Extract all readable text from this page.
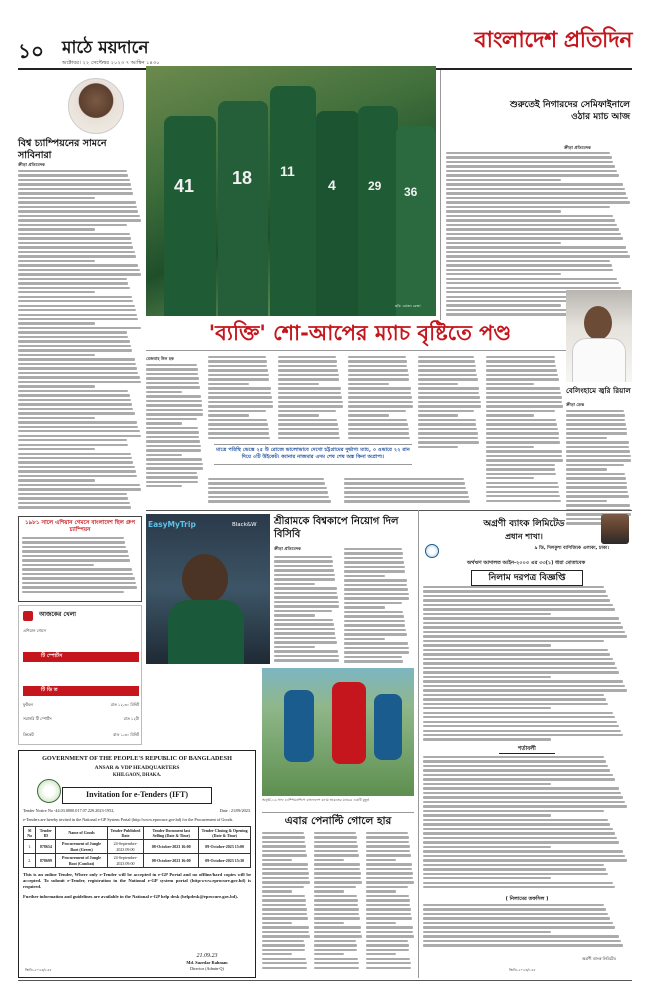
১০ মাঠে ময়দানে
অক্টোবর। ২২ সেপ্টেম্বর ২০২৩ ৭ আশ্বিন ১৪৩০
বাংলাদেশ প্রতিদিন
বিশ্ব চ্যাম্পিয়নের সামনে সাবিনারা
ক্রীড়া প্রতিবেদক
১৯৮১ সালে এশিয়ান গেমসে বাংলাদেশ ছিল গ্রুপ চ্যাম্পিয়ন
আজকের খেলা
এশিয়ান গেমস
টি স্পোর্টস
টি ডি ত
ফুটবল	রাত ১২-৩০ মিনিট
সরাসরি টি স্পোর্টস	রাত ১২টা
ক্রিকেট	রাত ১-৩০ মিনিট
41 18 11
4	29 36
ছবি: রোকন রেজা
'ব্যক্তি' শো-আপের ম্যাচ বৃষ্টিতে পণ্ড
মেজবাহ উল হক
মাত্রে পরিস্থি ভেস্তে ২৫ উ রোজে ভালোভাবে দেখো চট্টগ্রামের দুর্ভাগ্য ম্যাচ, ৩ ওভারে ২২ রান দিয়ে ৩টি উইকেট। ক্যানার নাজমার এদম শেষ শেষ অঙ্ক কিনা অপ্রাপ্য।
শুরুতেই নিগারদের সেমিফাইনালে ওঠার ম্যাচ আজ
ক্রীড়া প্রতিবেদক
বেলিংহামে জ্বরি রিয়াল
ক্রীড়া ডেস্ক
EasyMyTrip	Black&W শ্রীরামকে বিশ্বকাপে নিয়োগ দিল বিসিবি
ক্রীড়া প্রতিবেদক
অনূর্ধ্ব-১৬ সাফ চ্যাম্পিয়নশিপে বাংলাদেশ বনাম ভারতের ম্যাচের একটি মুহূর্ত
এবার পেনাল্টি গোলে হার
GOVERNMENT OF THE PEOPLE'S REPUBLIC OF BANGLADESH
ANSAR & VDP HEADQUARTERS
KHILGAON, DHAKA.
Invitation for e-Tenders (IFT)
Tender Notice No -44.03.0000.017.07.229.2023-1952,	Date : 21/09/2023.
e-Tenders are hereby invited in the National e-GP System Portal (http://www.eprocure.gov.bd) for the Procurement of Goods.
Sl No	Tender ID	Name of Goods	Tender Published Date	Tender Document last Selling (Date & Time)	Tender Closing & Opening (Date & Time)
1.	878654	Procurement of Jungle Boot (Green)	24-September-2023 09:00	08-October-2023 16:00	09-October-2023 15:00
2.	878699	Procurement of Jungle Boot (Combat)	24-September-2023 09:00	08-October-2023 16:00	09-October-2023 15:30
This is an online Tender, Where only e-Tender will be accepted in e-GP Portal and no offline/hard copies will be accepted. To submit e-Tender, registration in the National e-GP system portal (http:www.eprocure.gov.bd) is required.
Further information and guidelines are available in the National e-GP help desk (helpdesk@eprocure.gov.bd).
21.09.23
Md. Suzedar Rahman
Director (Admin-Q)
জিডি-২০২৩/১৫৫
অগ্রণী ব্যাংক লিমিটেড
প্রধান শাখা।
৯ ডি, দিলকুশা বাণিজ্যিক এলাকা, ঢাকা।
অর্থঋণ আদালত আইন-২০০৩ এর ৩৩(১) ধারা মোতাবেক
নিলাম দরপত্র বিজ্ঞপ্তি
শর্তাবলী
( নিলামের তফসিল )
অগ্রণী ব্যাংক লিমিটেড
জিডি-২০২৩/১৫৫
